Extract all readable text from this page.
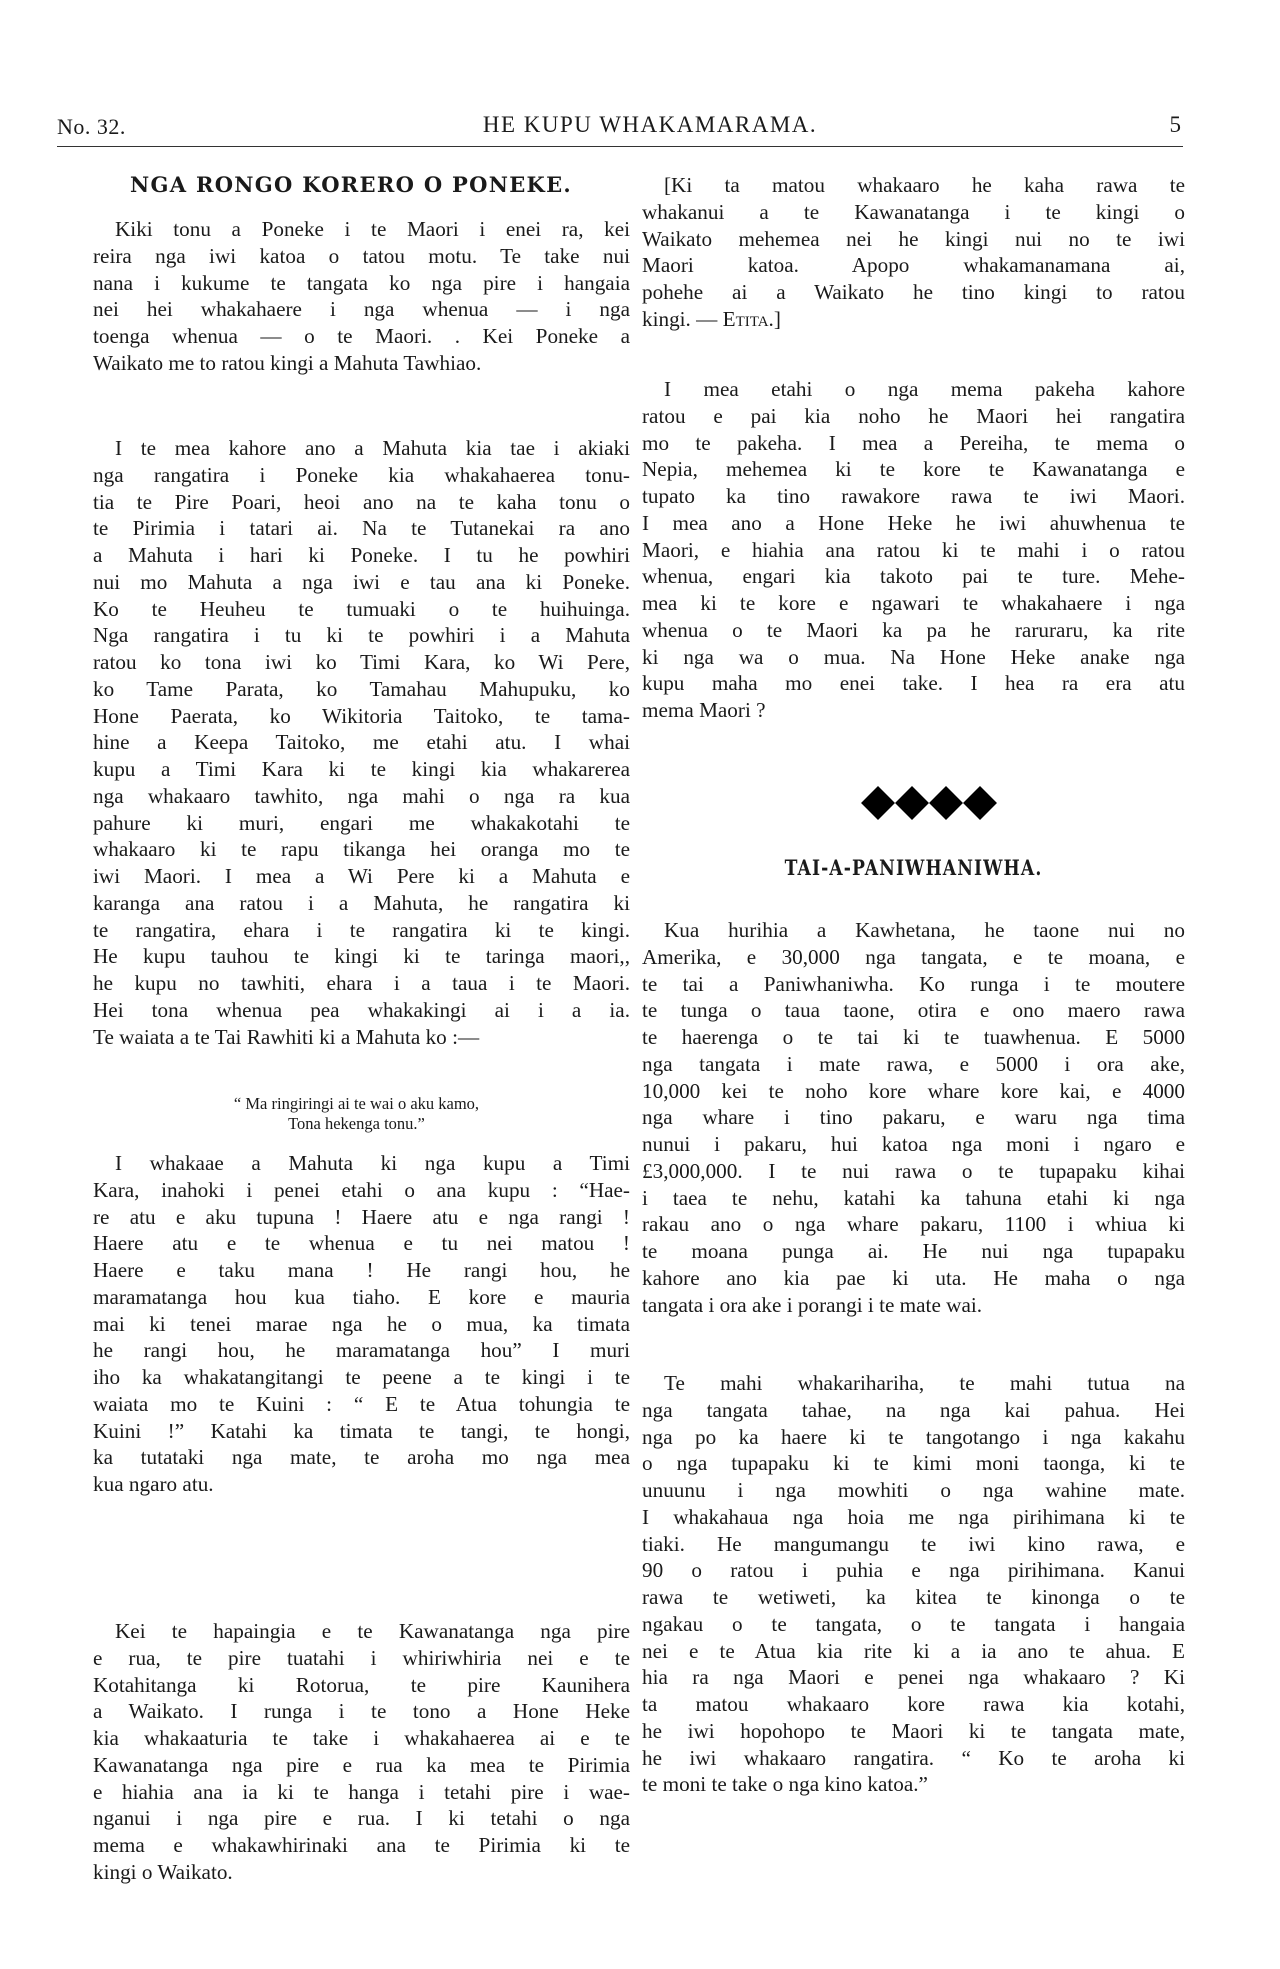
No. 32.	HE KUPU WHAKAMARAMA.	5
NGA RONGO KORERO O PONEKE.
Kiki tonu a Poneke i te Maori i enei ra, kei
reira nga iwi katoa o tatou motu. Te take nui
nana i kukume te tangata ko nga pire i hangaia
nei hei whakahaere i nga whenua — i nga
toenga whenua — o te Maori. . Kei Poneke a
Waikato me to ratou kingi a Mahuta Tawhiao.
I te mea kahore ano a Mahuta kia tae i akiaki
nga rangatira i Poneke kia whakahaerea tonu-
tia te Pire Poari, heoi ano na te kaha tonu o
te Pirimia i tatari ai. Na te Tutanekai ra ano
a Mahuta i hari ki Poneke. I tu he powhiri
nui mo Mahuta a nga iwi e tau ana ki Poneke.
Ko te Heuheu te tumuaki o te huihuinga.
Nga rangatira i tu ki te powhiri i a Mahuta
ratou ko tona iwi ko Timi Kara, ko Wi Pere,
ko Tame Parata, ko Tamahau Mahupuku, ko
Hone Paerata, ko Wikitoria Taitoko, te tama-
hine a Keepa Taitoko, me etahi atu. I whai
kupu a Timi Kara ki te kingi kia whakarerea
nga whakaaro tawhito, nga mahi o nga ra kua
pahure ki muri, engari me whakakotahi te
whakaaro ki te rapu tikanga hei oranga mo te
iwi Maori. I mea a Wi Pere ki a Mahuta e
karanga ana ratou i a Mahuta, he rangatira ki
te rangatira, ehara i te rangatira ki te kingi.
He kupu tauhou te kingi ki te taringa maori,,
he kupu no tawhiti, ehara i a taua i te Maori.
Hei tona whenua pea whakakingi ai i a ia.
Te waiata a te Tai Rawhiti ki a Mahuta ko :—
“ Ma ringiringi ai te wai o aku kamo,
Tona hekenga tonu.”
I whakaae a Mahuta ki nga kupu a Timi
Kara, inahoki i penei etahi o ana kupu : “Hae-
re atu e aku tupuna ! Haere atu e nga rangi !
Haere atu e te whenua e tu nei matou !
Haere e taku mana ! He rangi hou, he
maramatanga hou kua tiaho. E kore e mauria
mai ki tenei marae nga he o mua, ka timata
he rangi hou, he maramatanga hou” I muri
iho ka whakatangitangi te peene a te kingi i te
waiata mo te Kuini : “ E te Atua tohungia te
Kuini !” Katahi ka timata te tangi, te hongi,
ka tutataki nga mate, te aroha mo nga mea
kua ngaro atu.
Kei te hapaingia e te Kawanatanga nga pire
e rua, te pire tuatahi i whiriwhiria nei e te
Kotahitanga ki Rotorua, te pire Kaunihera
a Waikato. I runga i te tono a Hone Heke
kia whakaaturia te take i whakahaerea ai e te
Kawanatanga nga pire e rua ka mea te Pirimia
e hiahia ana ia ki te hanga i tetahi pire i wae-
nganui i nga pire e rua. I ki tetahi o nga
mema e whakawhirinaki ana te Pirimia ki te
kingi o Waikato.
[Ki ta matou whakaaro he kaha rawa te
whakanui a te Kawanatanga i te kingi o
Waikato mehemea nei he kingi nui no te iwi
Maori katoa. Apopo whakamanamana ai,
pohehe ai a Waikato he tino kingi to ratou
kingi. — Etita.]
I mea etahi o nga mema pakeha kahore
ratou e pai kia noho he Maori hei rangatira
mo te pakeha. I mea a Pereiha, te mema o
Nepia, mehemea ki te kore te Kawanatanga e
tupato ka tino rawakore rawa te iwi Maori.
I mea ano a Hone Heke he iwi ahuwhenua te
Maori, e hiahia ana ratou ki te mahi i o ratou
whenua, engari kia takoto pai te ture. Mehe-
mea ki te kore e ngawari te whakahaere i nga
whenua o te Maori ka pa he raruraru, ka rite
ki nga wa o mua. Na Hone Heke anake nga
kupu maha mo enei take. I hea ra era atu
mema Maori ?
TAI-A-PANIWHANIWHA.
Kua hurihia a Kawhetana, he taone nui no
Amerika, e 30,000 nga tangata, e te moana, e
te tai a Paniwhaniwha. Ko runga i te moutere
te tunga o taua taone, otira e ono maero rawa
te haerenga o te tai ki te tuawhenua. E 5000
nga tangata i mate rawa, e 5000 i ora ake,
10,000 kei te noho kore whare kore kai, e 4000
nga whare i tino pakaru, e waru nga tima
nunui i pakaru, hui katoa nga moni i ngaro e
£3,000,000. I te nui rawa o te tupapaku kihai
i taea te nehu, katahi ka tahuna etahi ki nga
rakau ano o nga whare pakaru, 1100 i whiua ki
te moana punga ai. He nui nga tupapaku
kahore ano kia pae ki uta. He maha o nga
tangata i ora ake i porangi i te mate wai.
Te mahi whakarihariha, te mahi tutua na
nga tangata tahae, na nga kai pahua. Hei
nga po ka haere ki te tangotango i nga kakahu
o nga tupapaku ki te kimi moni taonga, ki te
unuunu i nga mowhiti o nga wahine mate.
I whakahaua nga hoia me nga pirihimana ki te
tiaki. He mangumangu te iwi kino rawa, e
90 o ratou i puhia e nga pirihimana. Kanui
rawa te wetiweti, ka kitea te kinonga o te
ngakau o te tangata, o te tangata i hangaia
nei e te Atua kia rite ki a ia ano te ahua. E
hia ra nga Maori e penei nga whakaaro ? Ki
ta matou whakaaro kore rawa kia kotahi,
he iwi hopohopo te Maori ki te tangata mate,
he iwi whakaaro rangatira. “ Ko te aroha ki
te moni te take o nga kino katoa.”
